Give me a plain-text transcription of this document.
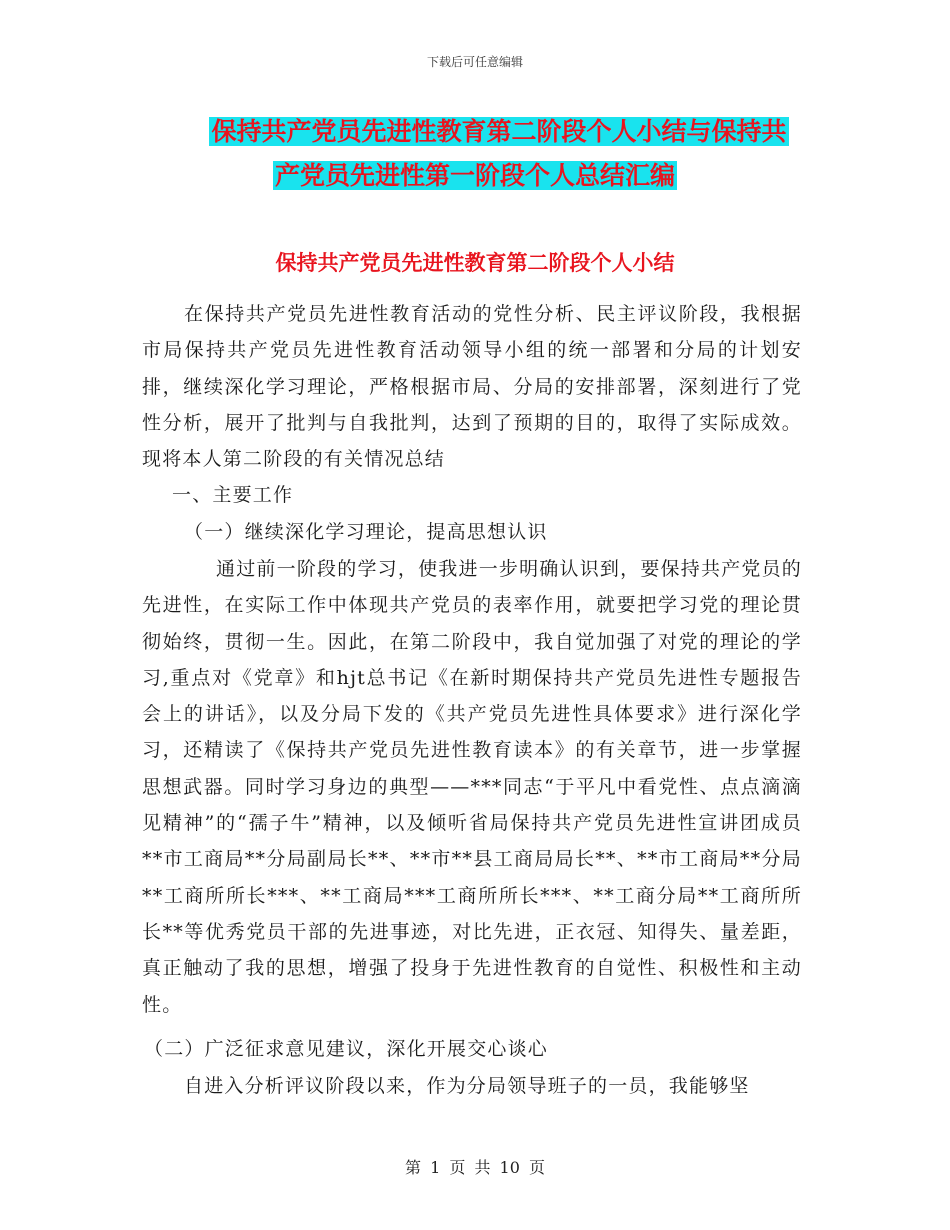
下载后可任意编辑
保持共产党员先进性教育第二阶段个人小结与保持共
产党员先进性第一阶段个人总结汇编
保持共产党员先进性教育第二阶段个人小结

在保持共产党员先进性教育活动的党性分析、民主评议阶段，我根据市局保持共产党员先进性教育活动领导小组的统一部署和分局的计划安排，继续深化学习理论，严格根据市局、分局的安排部署，深刻进行了党性分析，展开了批判与自我批判，达到了预期的目的，取得了实际成效。现将本人第二阶段的有关情况总结

一、主要工作

（一）继续深化学习理论，提高思想认识

通过前一阶段的学习，使我进一步明确认识到，要保持共产党员的先进性，在实际工作中体现共产党员的表率作用，就要把学习党的理论贯彻始终，贯彻一生。因此，在第二阶段中，我自觉加强了对党的理论的学习,重点对《党章》和hjt总书记《在新时期保持共产党员先进性专题报告会上的讲话》，以及分局下发的《共产党员先进性具体要求》进行深化学习，还精读了《保持共产党员先进性教育读本》的有关章节，进一步掌握思想武器。同时学习身边的典型——***同志“于平凡中看党性、点点滴滴见精神”的“孺子牛”精神，以及倾听省局保持共产党员先进性宣讲团成员**市工商局**分局副局长**、**市**县工商局局长**、**市工商局**分局**工商所所长***、**工商局***工商所所长***、**工商分局**工商所所长**等优秀党员干部的先进事迹，对比先进，正衣冠、知得失、量差距，真正触动了我的思想，增强了投身于先进性教育的自觉性、积极性和主动性。

（二）广泛征求意见建议，深化开展交心谈心

自进入分析评议阶段以来，作为分局领导班子的一员，我能够坚

第 1 页 共 10 页
